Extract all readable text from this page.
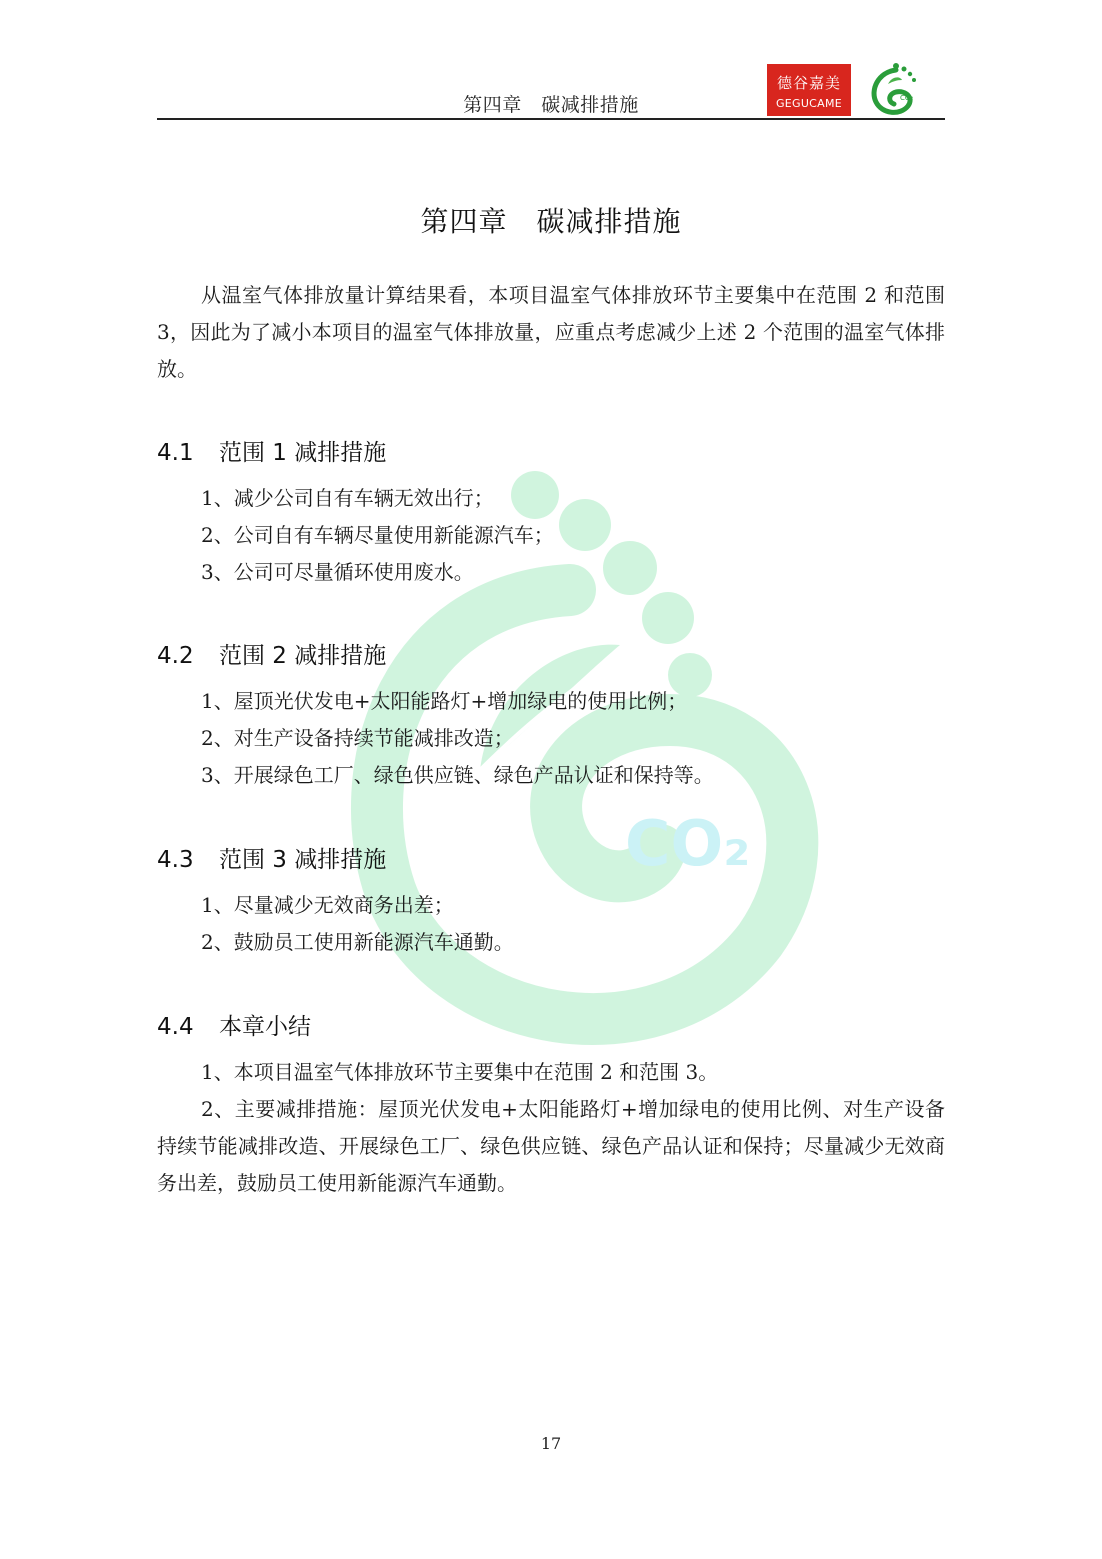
第四章　碳减排措施
德谷嘉美
GEGUCAME	CO₂
CO₂
第四章　碳减排措施
从温室气体排放量计算结果看，本项目温室气体排放环节主要集中在范围 2 和范围 3，因此为了减小本项目的温室气体排放量，应重点考虑减少上述 2 个范围的温室气体排放。
4.1 范围 1 减排措施
1、减少公司自有车辆无效出行；
2、公司自有车辆尽量使用新能源汽车；
3、公司可尽量循环使用废水。
4.2 范围 2 减排措施
1、屋顶光伏发电+太阳能路灯+增加绿电的使用比例；
2、对生产设备持续节能减排改造；
3、开展绿色工厂、绿色供应链、绿色产品认证和保持等。
4.3 范围 3 减排措施
1、尽量减少无效商务出差；
2、鼓励员工使用新能源汽车通勤。
4.4 本章小结
1、本项目温室气体排放环节主要集中在范围 2 和范围 3。
2、主要减排措施：屋顶光伏发电+太阳能路灯+增加绿电的使用比例、对生产设备持续节能减排改造、开展绿色工厂、绿色供应链、绿色产品认证和保持；尽量减少无效商务出差，鼓励员工使用新能源汽车通勤。
17
